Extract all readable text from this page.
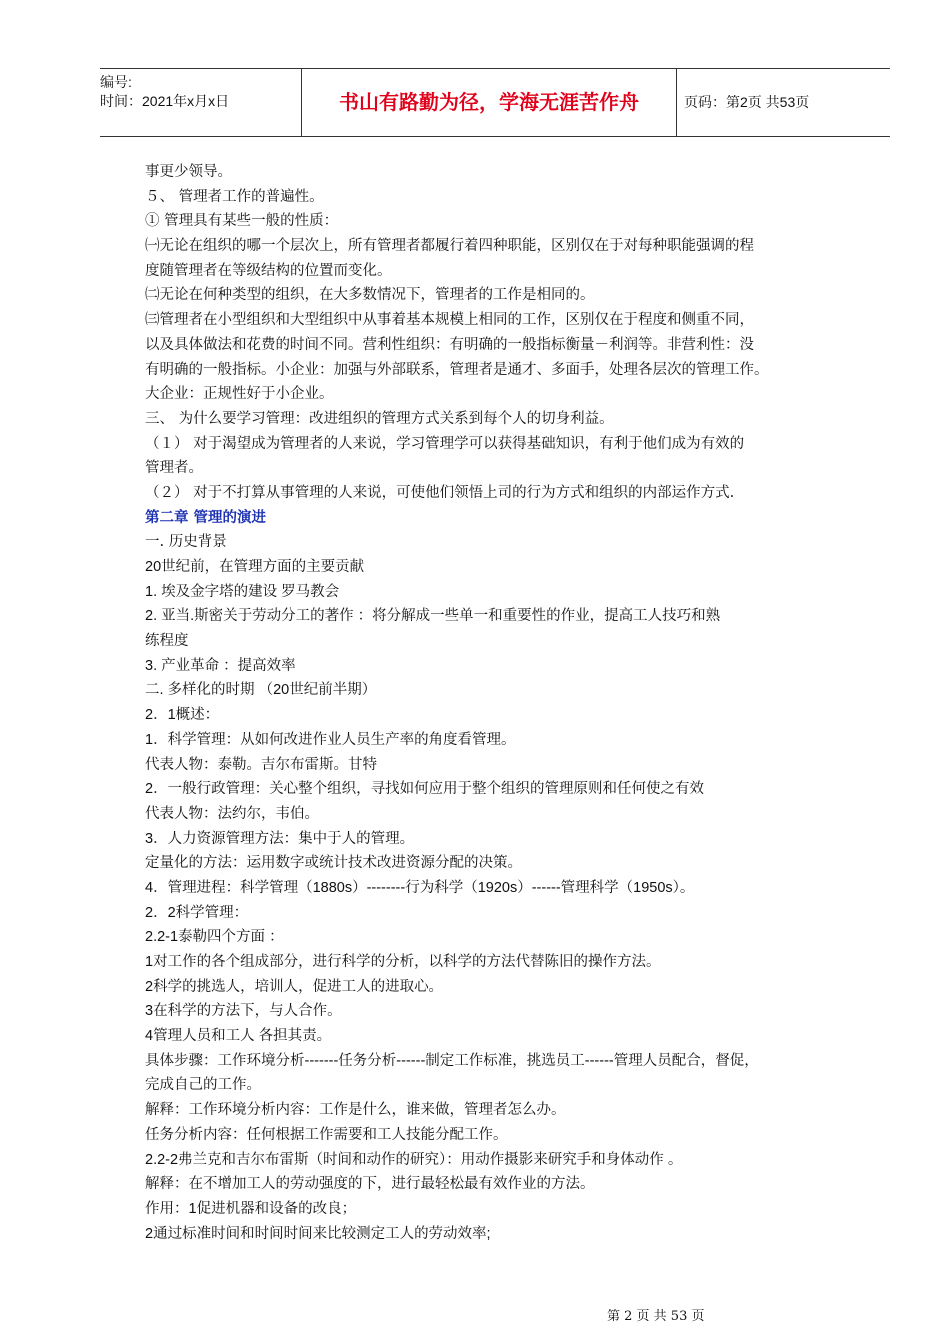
编号:
时间：2021年x月x日	书山有路勤为径，学海无涯苦作舟	页码：第2页 共53页
事更少领导。
５、 管理者工作的普遍性。
① 管理具有某些一般的性质：
㈠无论在组织的哪一个层次上，所有管理者都履行着四种职能，区别仅在于对每种职能强调的程
度随管理者在等级结构的位置而变化。
㈡无论在何种类型的组织，在大多数情况下，管理者的工作是相同的。
㈢管理者在小型组织和大型组织中从事着基本规模上相同的工作，区别仅在于程度和侧重不同，
以及具体做法和花费的时间不同。营利性组织：有明确的一般指标衡量－利润等。非营利性：没
有明确的一般指标。小企业：加强与外部联系，管理者是通才、多面手，处理各层次的管理工作。
大企业：正规性好于小企业。
三、 为什么要学习管理：改进组织的管理方式关系到每个人的切身利益。
（１） 对于渴望成为管理者的人来说，学习管理学可以获得基础知识，有利于他们成为有效的
管理者。
（２） 对于不打算从事管理的人来说，可使他们领悟上司的行为方式和组织的内部运作方式.
第二章 管理的演进
一. 历史背景
20世纪前，在管理方面的主要贡献
1. 埃及金字塔的建设 罗马教会
2. 亚当.斯密关于劳动分工的著作 ：将分解成一些单一和重要性的作业，提高工人技巧和熟
练程度
3. 产业革命 ：提高效率
二. 多样化的时期 （20世纪前半期）
2．1概述：
1．科学管理：从如何改进作业人员生产率的角度看管理。
代表人物：泰勒。吉尔布雷斯。甘特
2．一般行政管理：关心整个组织，寻找如何应用于整个组织的管理原则和任何使之有效
代表人物：法约尔，韦伯。
3．人力资源管理方法：集中于人的管理。
定量化的方法：运用数字或统计技术改进资源分配的决策。
4．管理进程：科学管理（1880s）--------行为科学（1920s）------管理科学（1950s）。
2．2科学管理：
2.2-1泰勒四个方面 ：
1对工作的各个组成部分，进行科学的分析，以科学的方法代替陈旧的操作方法。
2科学的挑选人，培训人，促进工人的进取心。
3在科学的方法下，与人合作。
4管理人员和工人 各担其责。
具体步骤：工作环境分析-------任务分析------制定工作标准，挑选员工------管理人员配合，督促，
完成自己的工作。
解释：工作环境分析内容：工作是什么，谁来做，管理者怎么办。
任务分析内容：任何根据工作需要和工人技能分配工作。
2.2-2弗兰克和吉尔布雷斯（时间和动作的研究）：用动作摄影来研究手和身体动作 。
解释：在不增加工人的劳动强度的下，进行最轻松最有效作业的方法。
作用：1促进机器和设备的改良；
2通过标准时间和时间时间来比较测定工人的劳动效率;
第 2 页 共 53 页
